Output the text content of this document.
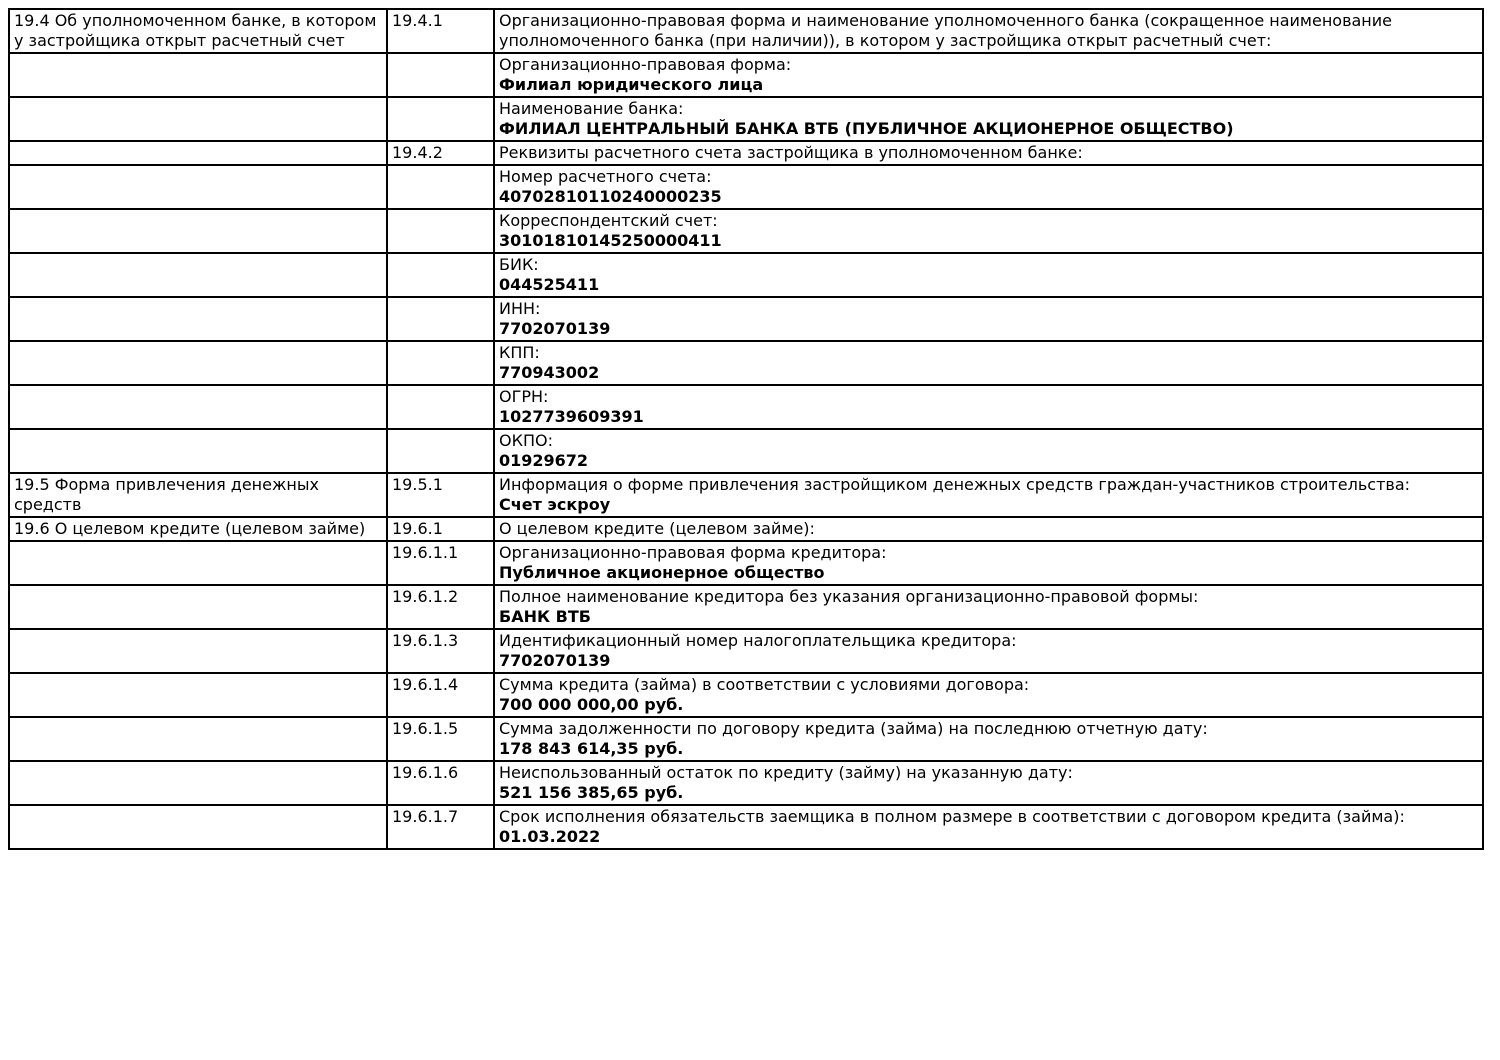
19.4 Об уполномоченном банке, в котором у застройщика открыт расчетный счет	19.4.1	Организационно-правовая форма и наименование уполномоченного банка (сокращенное наименование уполномоченного банка (при наличии)), в котором у застройщика открыт расчетный счет:

		Организационно-правовая форма:
Филиал юридического лица

		Наименование банка:
ФИЛИАЛ ЦЕНТРАЛЬНЫЙ БАНКА ВТБ (ПУБЛИЧНОЕ АКЦИОНЕРНОЕ ОБЩЕСТВО)

	19.4.2	Реквизиты расчетного счета застройщика в уполномоченном банке:

		Номер расчетного счета:
40702810110240000235

		Корреспондентский счет:
30101810145250000411

		БИК:
044525411

		ИНН:
7702070139

		КПП:
770943002

		ОГРН:
1027739609391

		ОКПО:
01929672

19.5 Форма привлечения денежных средств	19.5.1	Информация о форме привлечения застройщиком денежных средств граждан-участников строительства:
Счет эскроу

19.6 О целевом кредите (целевом займе)	19.6.1	О целевом кредите (целевом займе):

	19.6.1.1	Организационно-правовая форма кредитора:
Публичное акционерное общество

	19.6.1.2	Полное наименование кредитора без указания организационно-правовой формы:
БАНК ВТБ

	19.6.1.3	Идентификационный номер налогоплательщика кредитора:
7702070139

	19.6.1.4	Сумма кредита (займа) в соответствии с условиями договора:
700 000 000,00 руб.

	19.6.1.5	Сумма задолженности по договору кредита (займа) на последнюю отчетную дату:
178 843 614,35 руб.

	19.6.1.6	Неиспользованный остаток по кредиту (займу) на указанную дату:
521 156 385,65 руб.

	19.6.1.7	Срок исполнения обязательств заемщика в полном размере в соответствии с договором кредита (займа):
01.03.2022
